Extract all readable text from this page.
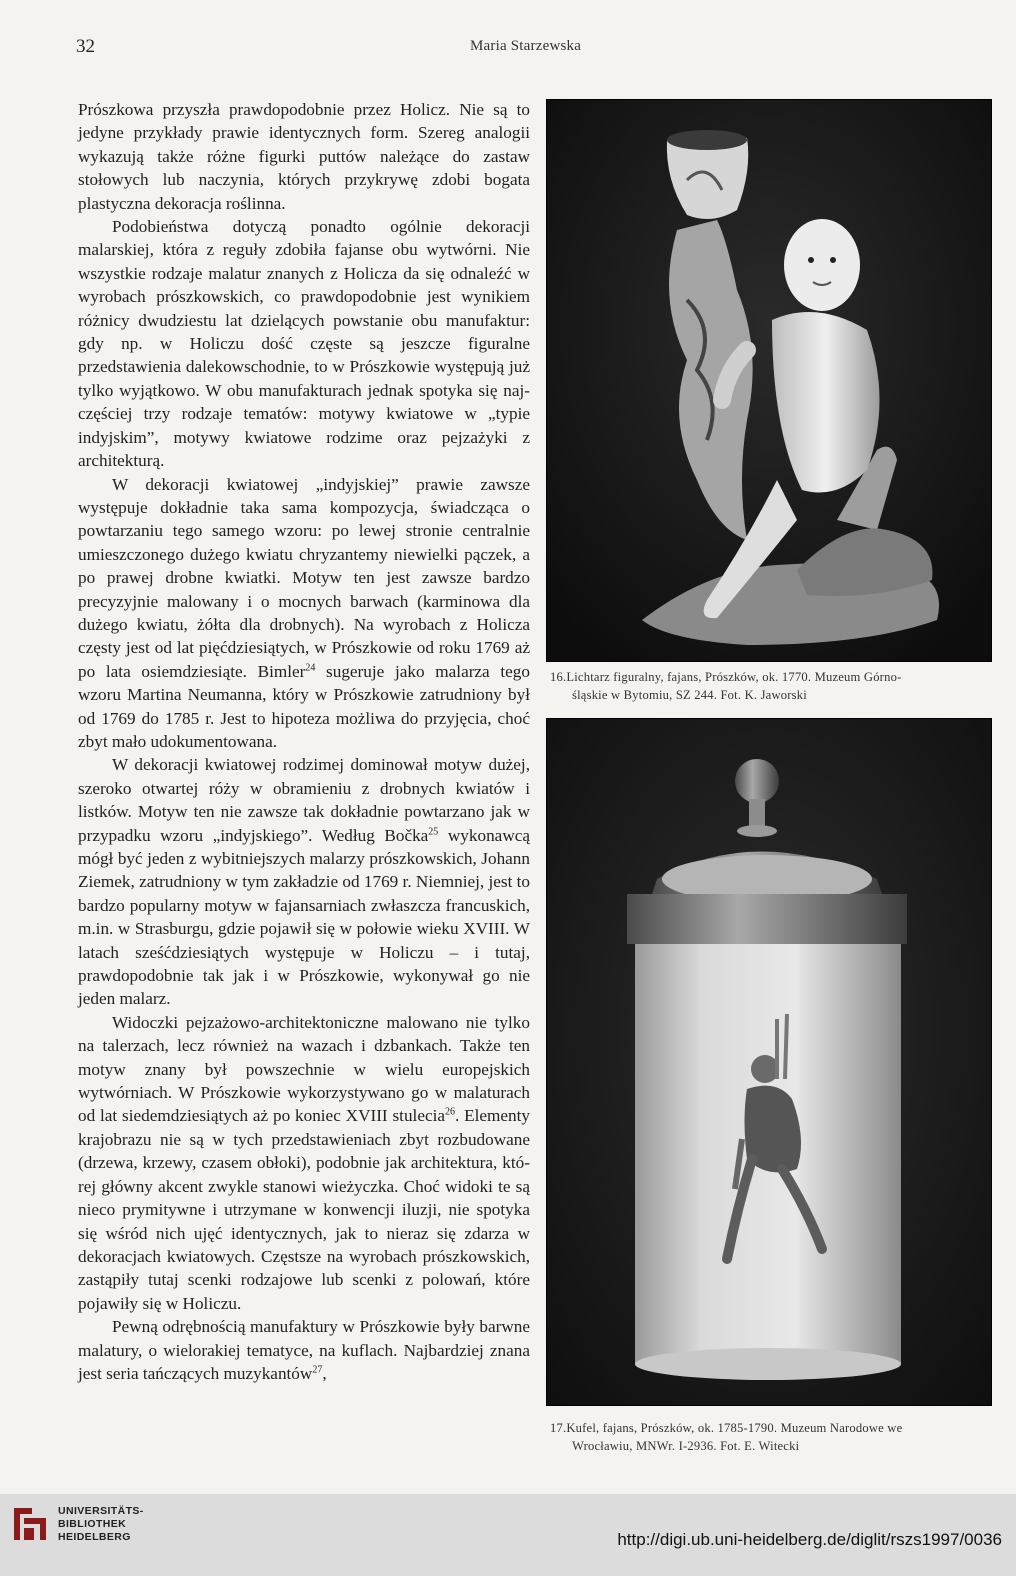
32	Maria Starzewska

Prószkowa przyszła prawdopodobnie przez Holicz. Nie są to jedyne przykłady prawie identycznych form. Szereg analogii wykazują także różne figurki puttów należące do zastaw stołowych lub naczynia, których przykrywę zdobi bogata plastyczna dekoracja roślinna.

Podobieństwa dotyczą ponadto ogólnie dekoracji malarskiej, która z reguły zdobiła fajanse obu wytwórni. Nie wszystkie rodzaje malatur znanych z Holicza da się odnaleźć w wyrobach prószkowskich, co prawdopodobnie jest wynikiem różnicy dwudziestu lat dzielących powstanie obu manufaktur: gdy np. w Holiczu dość częste są jeszcze figuralne przedstawienia dalekowschodnie, to w Prószkowie występują już tylko wyjątkowo. W obu manufakturach jednak spotyka się najczęściej trzy rodzaje tematów: motywy kwiatowe w „typie indyjskim”, motywy kwiatowe rodzime oraz pejzażyki z architekturą.

W dekoracji kwiatowej „indyjskiej” prawie zawsze występuje dokładnie taka sama kompozycja, świadcząca o powtarzaniu tego samego wzoru: po lewej stronie centralnie umieszczonego dużego kwiatu chryzantemy niewielki pączek, a po prawej drobne kwiatki. Motyw ten jest zawsze bardzo precyzyjnie malowany i o mocnych barwach (karminowa dla dużego kwiatu, żółta dla drobnych). Na wyrobach z Holicza częsty jest od lat pięćdziesiątych, w Prószkowie od roku 1769 aż po lata osiemdziesiąte. Bimler$^{24}$ sugeruje jako malarza tego wzoru Martina Neumanna, który w Prószkowie zatrudniony był od 1769 do 1785 r. Jest to hipoteza możliwa do przyjęcia, choć zbyt mało udokumentowana.

W dekoracji kwiatowej rodzimej dominował motyw dużej, szeroko otwartej róży w obramieniu z drobnych kwiatów i listków. Motyw ten nie zawsze tak dokładnie powtarzano jak w przypadku wzoru „indyjskiego”. Według Bočka$^{25}$ wykonawcą mógł być jeden z wybitniejszych malarzy prószkowskich, Johann Ziemek, zatrudniony w tym zakładzie od 1769 r. Niemniej, jest to bardzo popularny motyw w fajansarniach zwłaszcza francuskich, m.in. w Strasburgu, gdzie pojawił się w połowie wieku XVIII. W latach sześćdziesiątych występuje w Holiczu – i tutaj, prawdopodobnie tak jak i w Prószkowie, wykonywał go nie jeden malarz.

Widoczki pejzażowo-architektoniczne malowano nie tylko na talerzach, lecz również na wazach i dzbankach. Także ten motyw znany był powszechnie w wielu europejskich wytwórniach. W Prószkowie wykorzystywano go w malaturach od lat siedemdziesiątych aż po koniec XVIII stulecia$^{26}$. Elementy krajobrazu nie są w tych przedstawieniach zbyt rozbudowane (drzewa, krzewy, czasem obłoki), podobnie jak architektura, której główny akcent zwykle stanowi wieżyczka. Choć widoki te są nieco prymitywne i utrzymane w konwencji iluzji, nie spotyka się wśród nich ujęć identycznych, jak to nieraz się zdarza w dekoracjach kwiatowych. Częstsze na wyrobach prószkowskich, zastąpiły tutaj scenki rodzajowe lub scenki z polowań, które pojawiły się w Holiczu.

Pewną odrębnością manufaktury w Prószkowie były barwne malatury, o wielorakiej tematyce, na kuflach. Najbardziej znana jest seria tańczących muzykantów$^{27}$,

16.Lichtarz figuralny, fajans, Prószków, ok. 1770. Muzeum Górno-
śląskie w Bytomiu, SZ 244. Fot. K. Jaworski
17.Kufel, fajans, Prószków, ok. 1785-1790. Muzeum Narodowe we
Wrocławiu, MNWr. I-2936. Fot. E. Witecki
UNIVERSITÄTS-
BIBLIOTHEK
HEIDELBERG	http://digi.ub.uni-heidelberg.de/diglit/rszs1997/0036
